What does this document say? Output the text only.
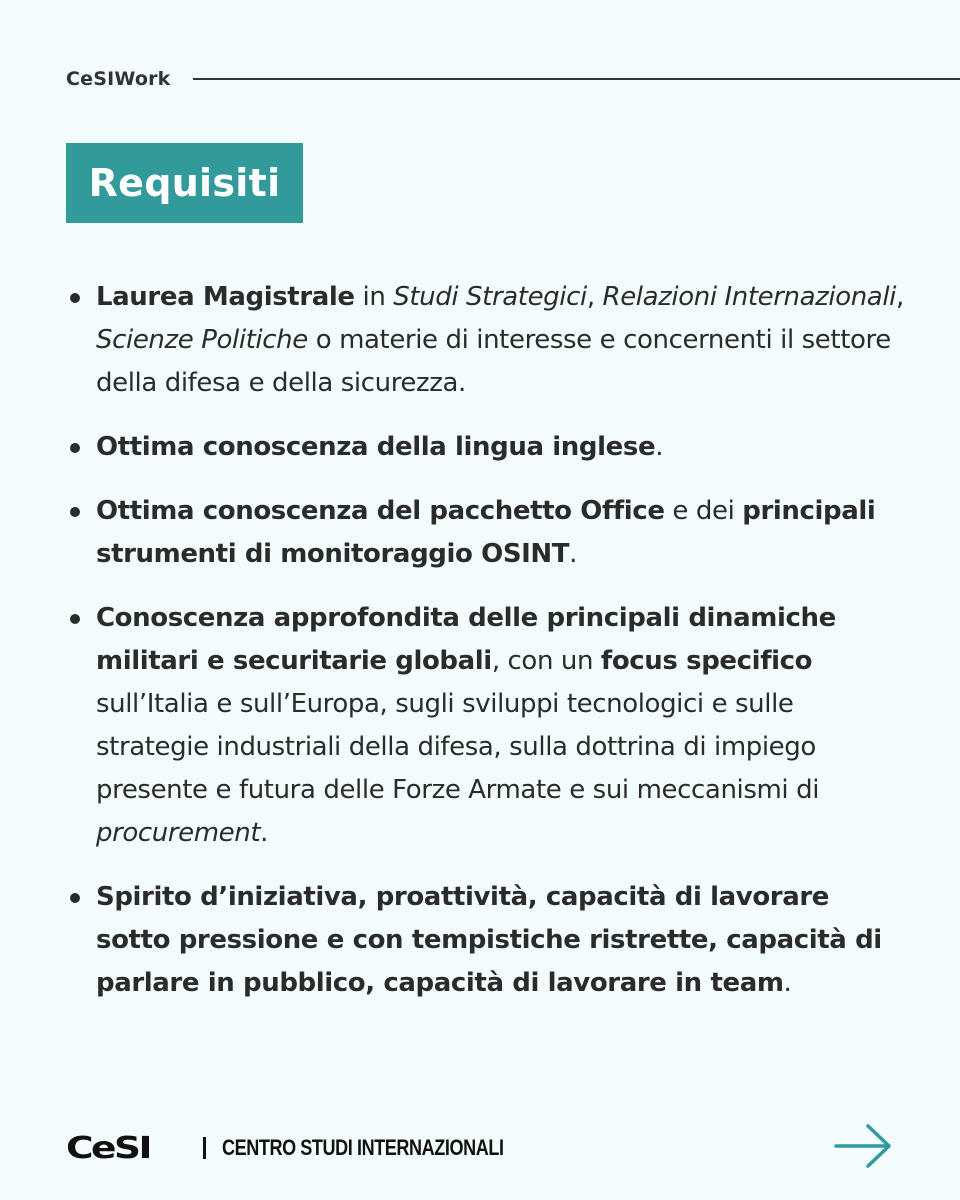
CeSIWork
Requisiti
Laurea Magistrale in Studi Strategici, Relazioni Internazionali, Scienze Politiche o materie di interesse e concernenti il settore della difesa e della sicurezza.
Ottima conoscenza della lingua inglese.
Ottima conoscenza del pacchetto Office e dei principali strumenti di monitoraggio OSINT.
Conoscenza approfondita delle principali dinamiche militari e securitarie globali, con un focus specifico sull’Italia e sull’Europa, sugli sviluppi tecnologici e sulle strategie industriali della difesa, sulla dottrina di impiego presente e futura delle Forze Armate e sui meccanismi di procurement.
Spirito d’iniziativa, proattività, capacità di lavorare sotto pressione e con tempistiche ristrette, capacità di parlare in pubblico, capacità di lavorare in team.
CeSI	CENTRO STUDI INTERNAZIONALI
